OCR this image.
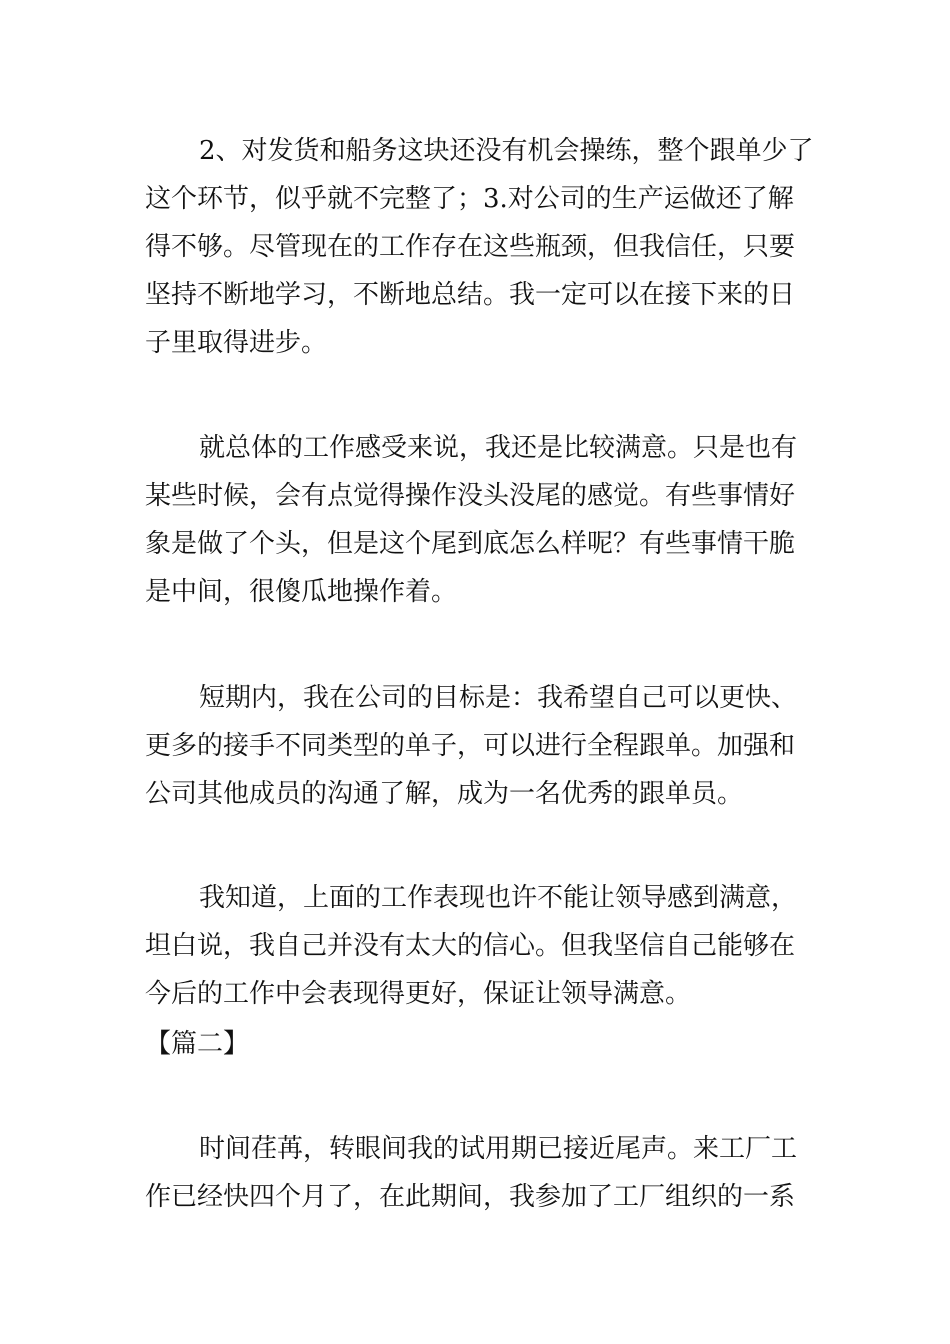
2、对发货和船务这块还没有机会操练，整个跟单少了

这个环节，似乎就不完整了；3.对公司的生产运做还了解

得不够。尽管现在的工作存在这些瓶颈，但我信任，只要

坚持不断地学习，不断地总结。我一定可以在接下来的日

子里取得进步。

就总体的工作感受来说，我还是比较满意。只是也有

某些时候，会有点觉得操作没头没尾的感觉。有些事情好

象是做了个头，但是这个尾到底怎么样呢？有些事情干脆

是中间，很傻瓜地操作着。

短期内，我在公司的目标是：我希望自己可以更快、

更多的接手不同类型的单子，可以进行全程跟单。加强和

公司其他成员的沟通了解，成为一名优秀的跟单员。

我知道，上面的工作表现也许不能让领导感到满意，

坦白说，我自己并没有太大的信心。但我坚信自己能够在

今后的工作中会表现得更好，保证让领导满意。

【篇二】

时间荏苒，转眼间我的试用期已接近尾声。来工厂工

作已经快四个月了，在此期间，我参加了工厂组织的一系
